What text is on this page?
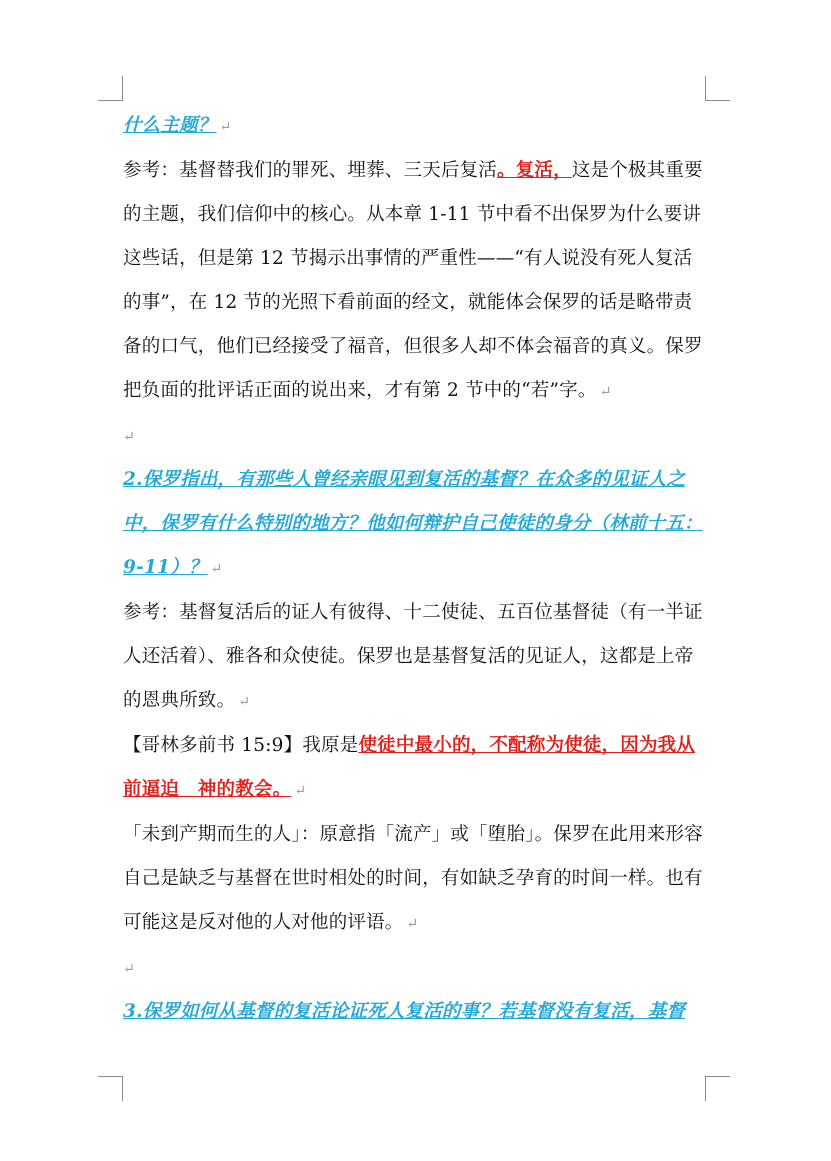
什么主题？ ↵

参考：基督替我们的罪死、埋葬、三天后复活。复活，这是个极其重要的主题，我们信仰中的核心。从本章 1-11 节中看不出保罗为什么要讲这些话，但是第 12 节揭示出事情的严重性——“有人说没有死人复活的事”，在 12 节的光照下看前面的经文，就能体会保罗的话是略带责备的口气，他们已经接受了福音，但很多人却不体会福音的真义。保罗把负面的批评话正面的说出来，才有第 2 节中的“若”字。 ↵

↵

2.保罗指出，有那些人曾经亲眼见到复活的基督？在众多的见证人之中，保罗有什么特别的地方？他如何辩护自己使徒的身分（林前十五：9-11）？ ↵

参考：基督复活后的证人有彼得、十二使徒、五百位基督徒（有一半证人还活着）、雅各和众使徒。保罗也是基督复活的见证人，这都是上帝的恩典所致。 ↵

【哥林多前书 15:9】我原是使徒中最小的，不配称为使徒，因为我从前逼迫　神的教会。 ↵

「未到产期而生的人」：原意指「流产」或「堕胎」。保罗在此用来形容自己是缺乏与基督在世时相处的时间，有如缺乏孕育的时间一样。也有可能这是反对他的人对他的评语。 ↵

↵

3.保罗如何从基督的复活论证死人复活的事？若基督没有复活，基督
